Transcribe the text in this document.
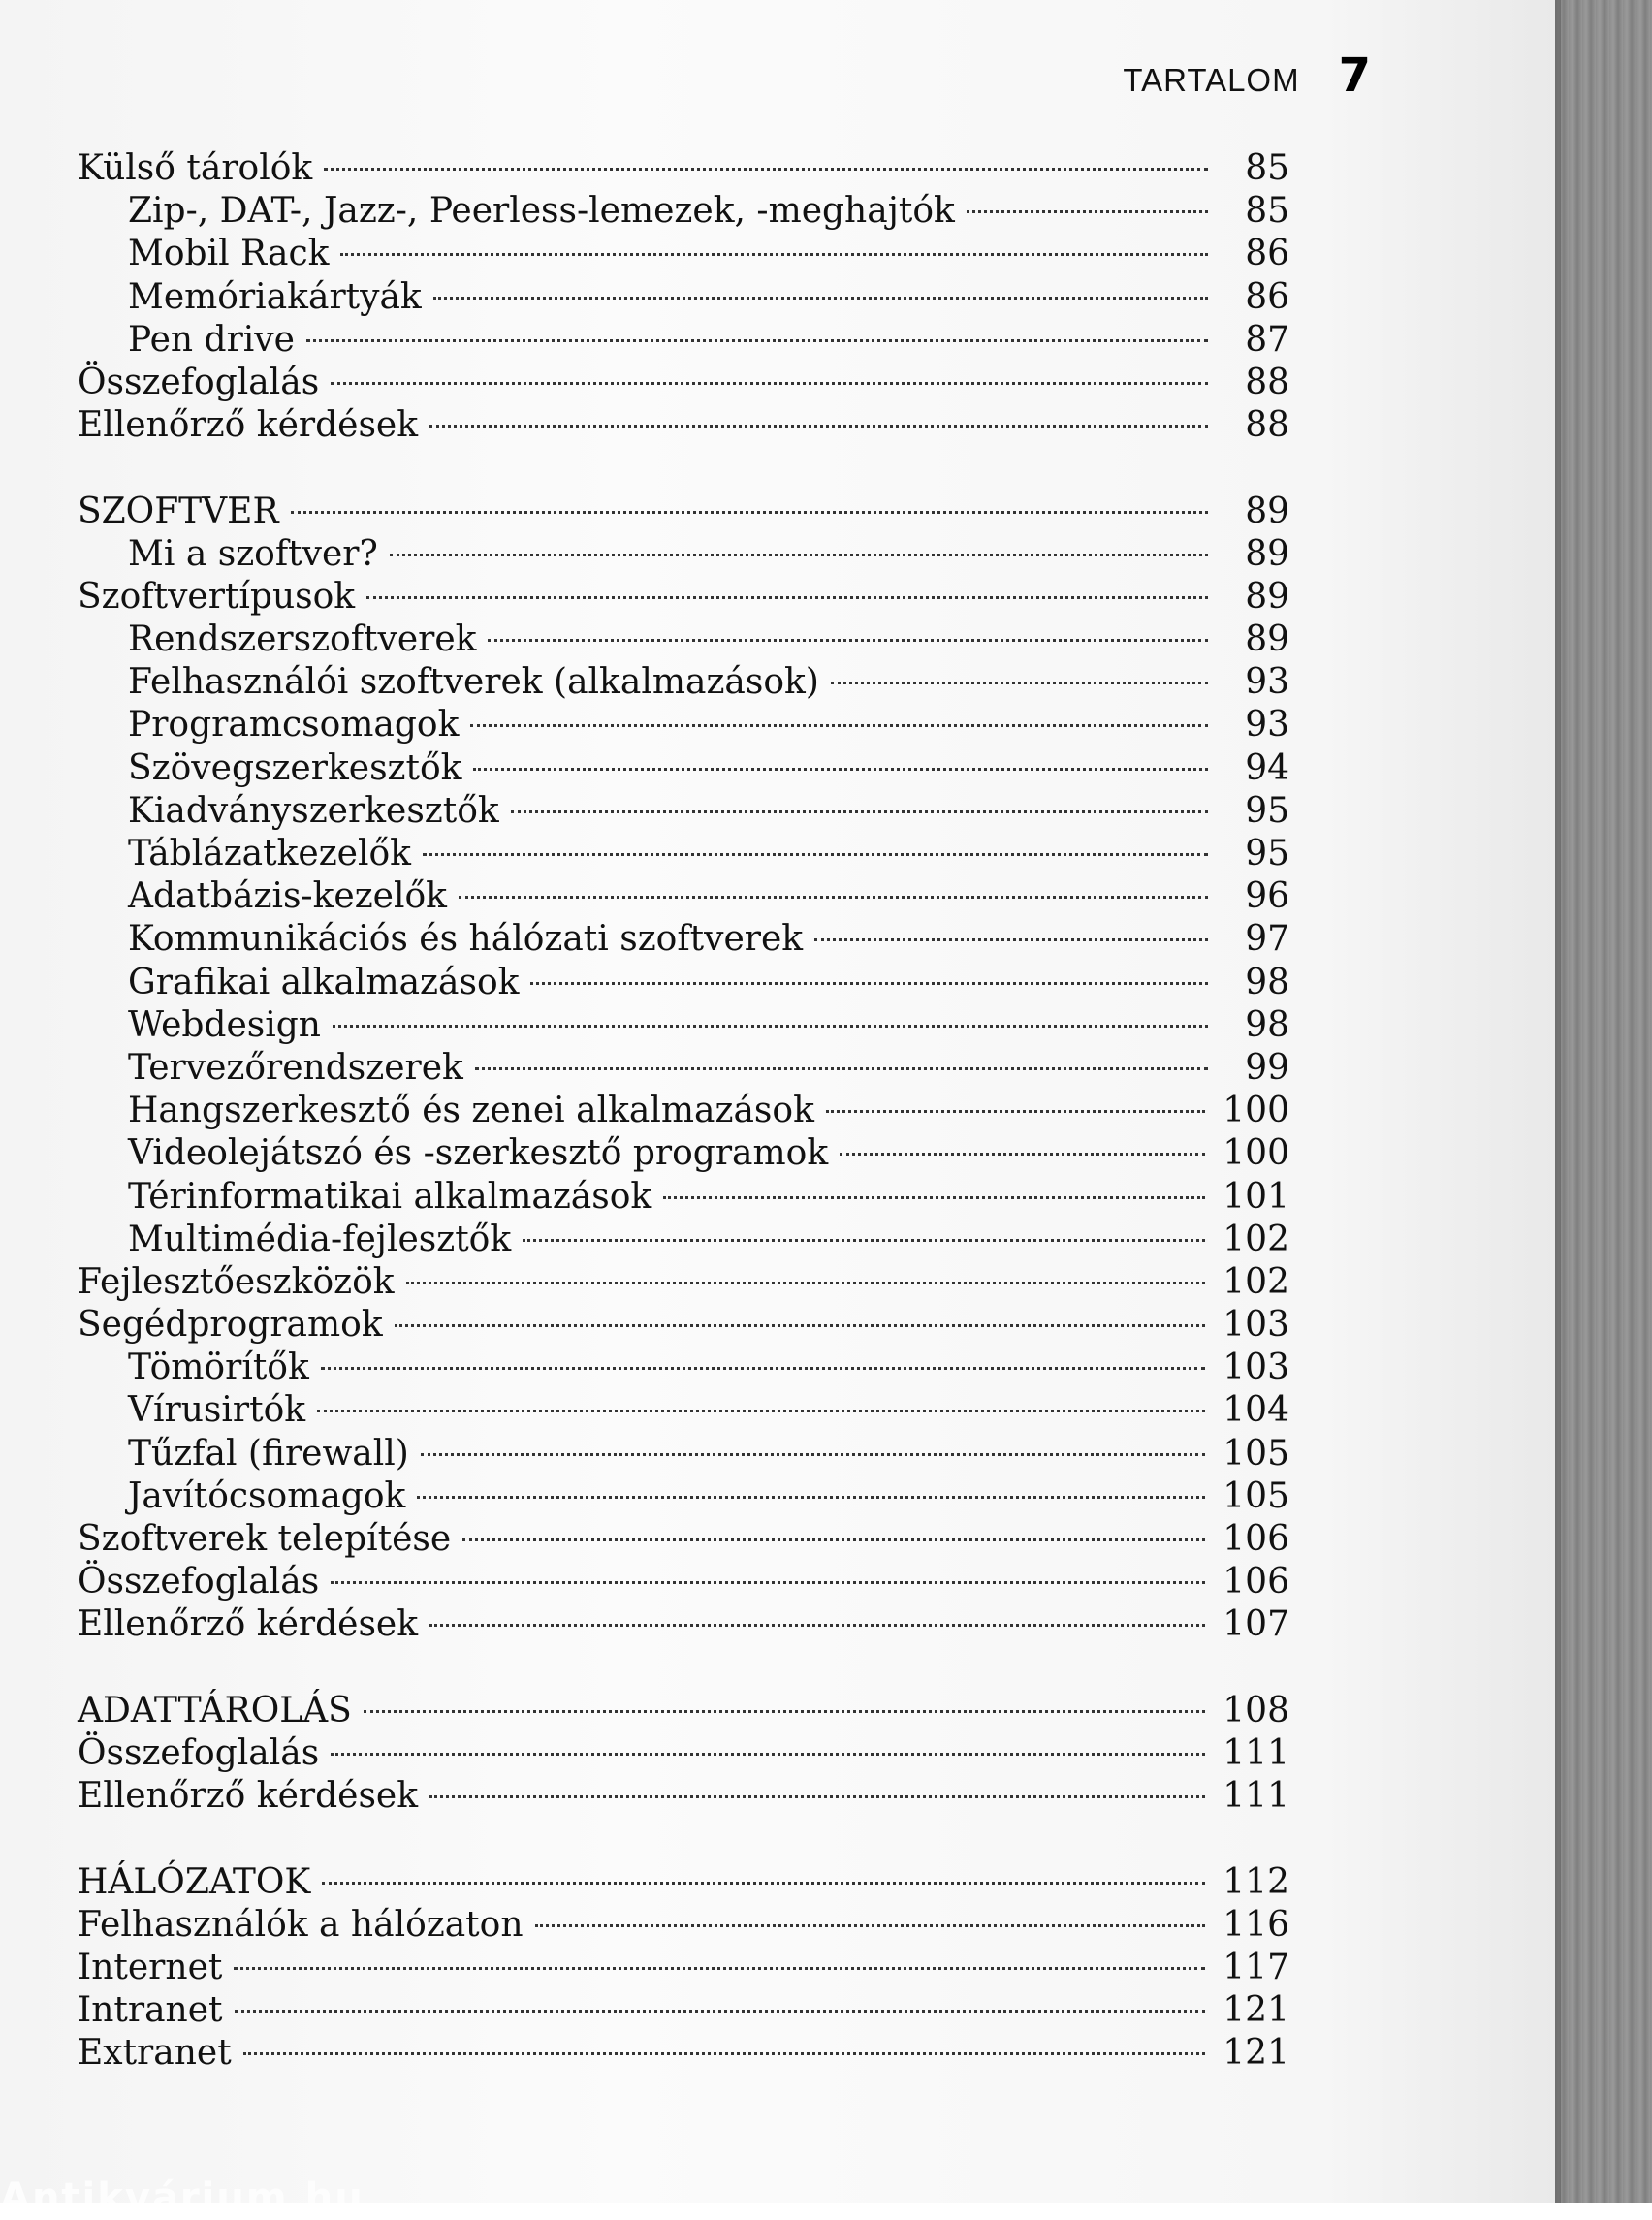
TARTALOM 7
Külső tárolók	85
Zip-, DAT-, Jazz-, Peerless-lemezek, -meghajtók	85
Mobil Rack	86
Memóriakártyák	86
Pen drive	87
Összefoglalás	88
Ellenőrző kérdések	88
SZOFTVER	89
Mi a szoftver?	89
Szoftvertípusok	89
Rendszerszoftverek	89
Felhasználói szoftverek (alkalmazások)	93
Programcsomagok	93
Szövegszerkesztők	94
Kiadványszerkesztők	95
Táblázatkezelők	95
Adatbázis-kezelők	96
Kommunikációs és hálózati szoftverek	97
Grafikai alkalmazások	98
Webdesign	98
Tervezőrendszerek	99
Hangszerkesztő és zenei alkalmazások	100
Videolejátszó és -szerkesztő programok	100
Térinformatikai alkalmazások	101
Multimédia-fejlesztők	102
Fejlesztőeszközök	102
Segédprogramok	103
Tömörítők	103
Vírusirtók	104
Tűzfal (firewall)	105
Javítócsomagok	105
Szoftverek telepítése	106
Összefoglalás	106
Ellenőrző kérdések	107
ADATTÁROLÁS	108
Összefoglalás	111
Ellenőrző kérdések	111
HÁLÓZATOK	112
Felhasználók a hálózaton	116
Internet	117
Intranet	121
Extranet	121
Antikvárium.hu
